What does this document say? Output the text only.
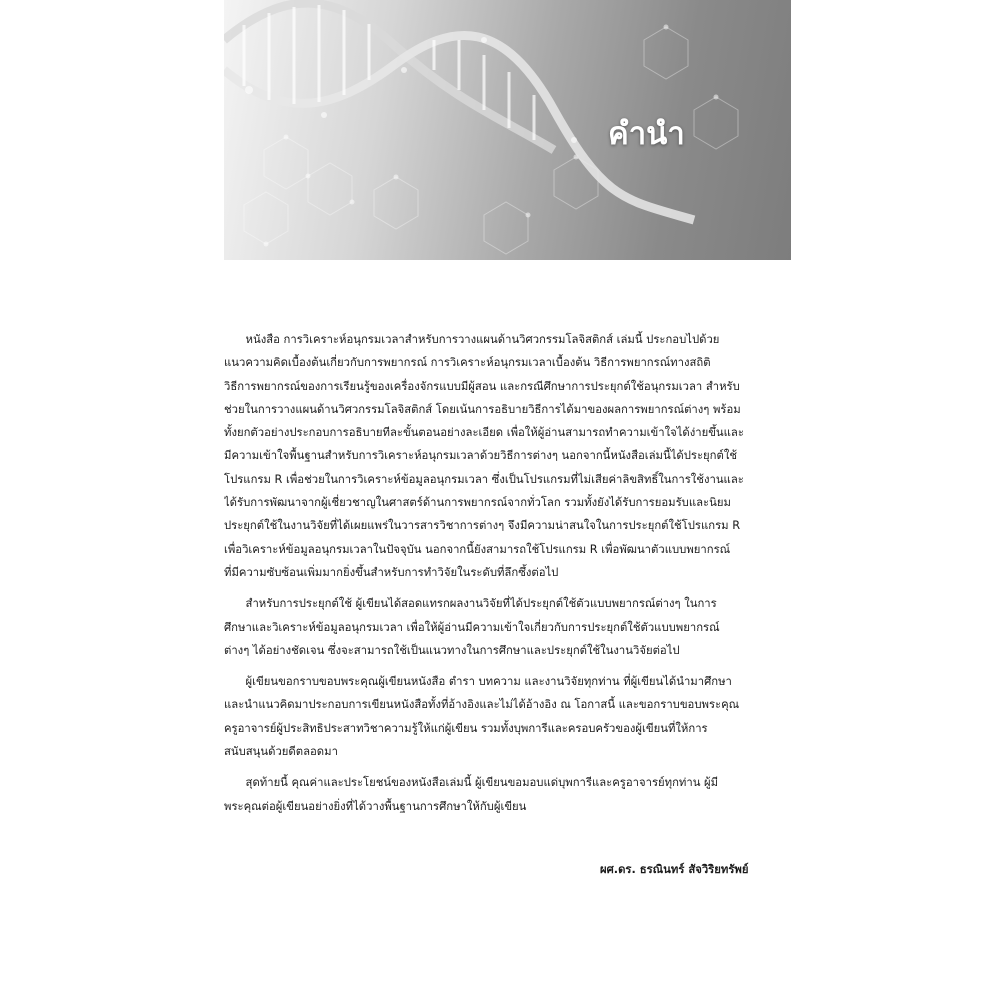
คำนำ
หนังสือ การวิเคราะห์อนุกรมเวลาสำหรับการวางแผนด้านวิศวกรรมโลจิสติกส์ เล่มนี้ ประกอบไปด้วย
แนวความคิดเบื้องต้นเกี่ยวกับการพยากรณ์ การวิเคราะห์อนุกรมเวลาเบื้องต้น วิธีการพยากรณ์ทางสถิติ
วิธีการพยากรณ์ของการเรียนรู้ของเครื่องจักรแบบมีผู้สอน และกรณีศึกษาการประยุกต์ใช้อนุกรมเวลา สำหรับ
ช่วยในการวางแผนด้านวิศวกรรมโลจิสติกส์ โดยเน้นการอธิบายวิธีการได้มาของผลการพยากรณ์ต่างๆ พร้อม
ทั้งยกตัวอย่างประกอบการอธิบายทีละขั้นตอนอย่างละเอียด เพื่อให้ผู้อ่านสามารถทำความเข้าใจได้ง่ายขึ้นและ
มีความเข้าใจพื้นฐานสำหรับการวิเคราะห์อนุกรมเวลาด้วยวิธีการต่างๆ นอกจากนี้หนังสือเล่มนี้ได้ประยุกต์ใช้
โปรแกรม R เพื่อช่วยในการวิเคราะห์ข้อมูลอนุกรมเวลา ซึ่งเป็นโปรแกรมที่ไม่เสียค่าลิขสิทธิ์ในการใช้งานและ
ได้รับการพัฒนาจากผู้เชี่ยวชาญในศาสตร์ด้านการพยากรณ์จากทั่วโลก รวมทั้งยังได้รับการยอมรับและนิยม
ประยุกต์ใช้ในงานวิจัยที่ได้เผยแพร่ในวารสารวิชาการต่างๆ จึงมีความน่าสนใจในการประยุกต์ใช้โปรแกรม R
เพื่อวิเคราะห์ข้อมูลอนุกรมเวลาในปัจจุบัน นอกจากนี้ยังสามารถใช้โปรแกรม R เพื่อพัฒนาตัวแบบพยากรณ์
ที่มีความซับซ้อนเพิ่มมากยิ่งขึ้นสำหรับการทำวิจัยในระดับที่ลึกซึ้งต่อไป
สำหรับการประยุกต์ใช้ ผู้เขียนได้สอดแทรกผลงานวิจัยที่ได้ประยุกต์ใช้ตัวแบบพยากรณ์ต่างๆ ในการ
ศึกษาและวิเคราะห์ข้อมูลอนุกรมเวลา เพื่อให้ผู้อ่านมีความเข้าใจเกี่ยวกับการประยุกต์ใช้ตัวแบบพยากรณ์
ต่างๆ ได้อย่างชัดเจน ซึ่งจะสามารถใช้เป็นแนวทางในการศึกษาและประยุกต์ใช้ในงานวิจัยต่อไป
ผู้เขียนขอกราบขอบพระคุณผู้เขียนหนังสือ ตำรา บทความ และงานวิจัยทุกท่าน ที่ผู้เขียนได้นำมาศึกษา
และนำแนวคิดมาประกอบการเขียนหนังสือทั้งที่อ้างอิงและไม่ได้อ้างอิง ณ โอกาสนี้ และขอกราบขอบพระคุณ
ครูอาจารย์ผู้ประสิทธิประสาทวิชาความรู้ให้แก่ผู้เขียน รวมทั้งบุพการีและครอบครัวของผู้เขียนที่ให้การ
สนับสนุนด้วยดีตลอดมา
สุดท้ายนี้ คุณค่าและประโยชน์ของหนังสือเล่มนี้ ผู้เขียนขอมอบแด่บุพการีและครูอาจารย์ทุกท่าน ผู้มี
พระคุณต่อผู้เขียนอย่างยิ่งที่ได้วางพื้นฐานการศึกษาให้กับผู้เขียน
ผศ.ดร. ธรณินทร์ สัจวิริยทรัพย์
